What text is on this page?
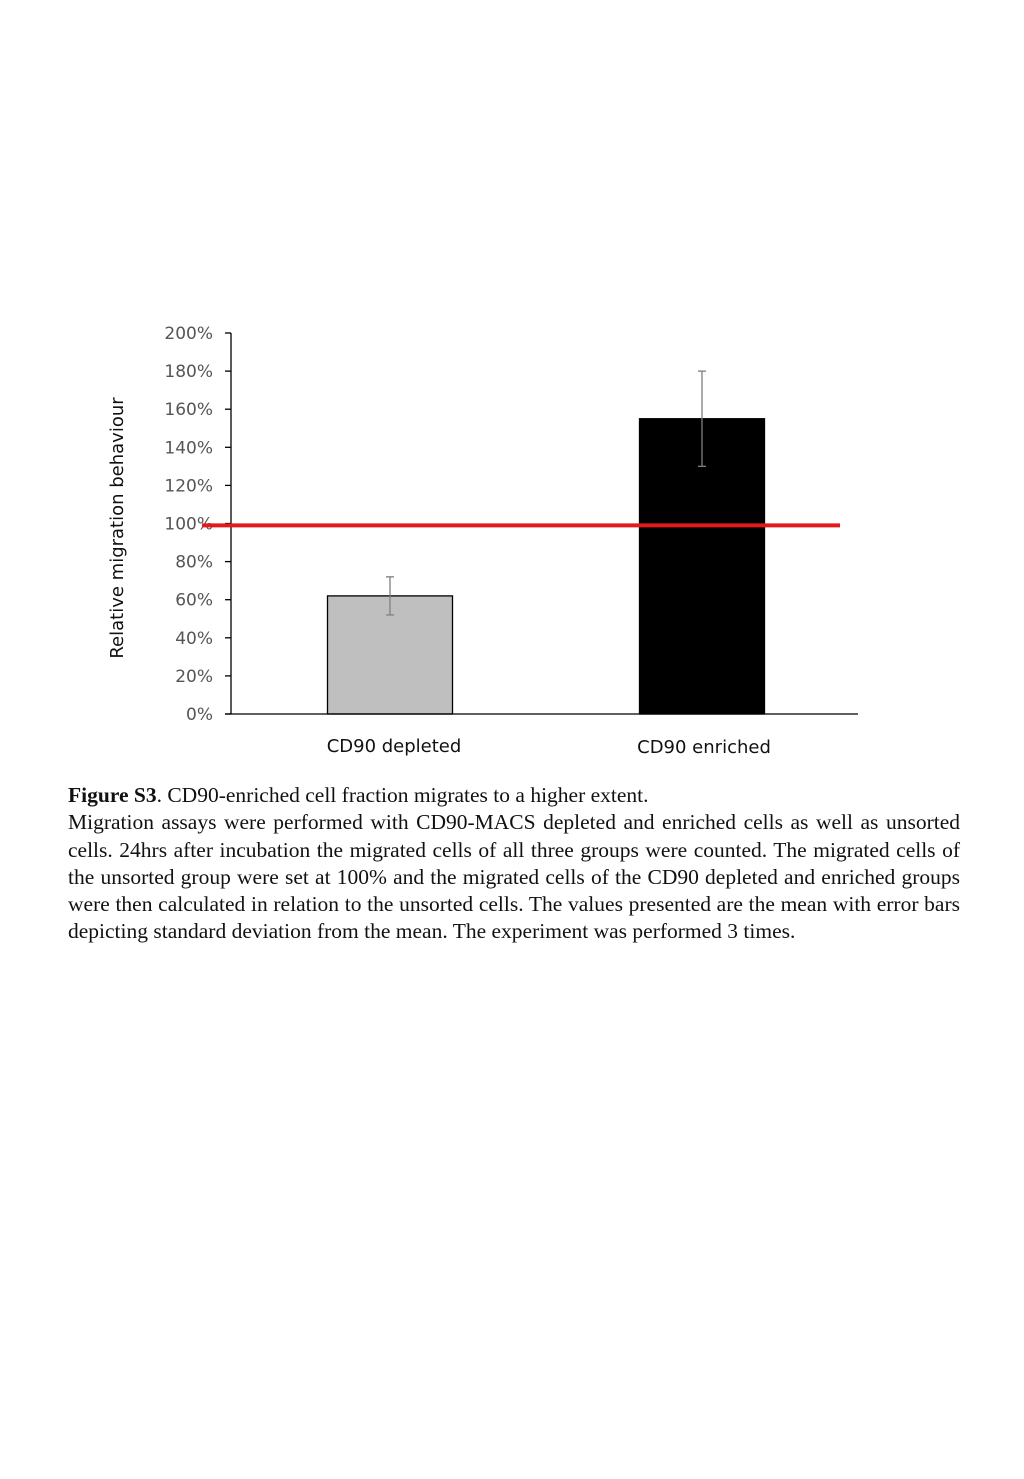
0%
20%
40%
60%
80%
100%
120%
140%
160%
180%
200%
CD90 depleted	CD90 enriched
Relative migration behaviour

Figure S3. CD90-enriched cell fraction migrates to a higher extent.

Migration assays were performed with CD90-MACS depleted and enriched cells as well as unsorted cells. 24hrs after incubation the migrated cells of all three groups were counted. The migrated cells of the unsorted group were set at 100% and the migrated cells of the CD90 depleted and enriched groups were then calculated in relation to the unsorted cells. The values presented are the mean with error bars depicting standard deviation from the mean. The experiment was performed 3 times.
